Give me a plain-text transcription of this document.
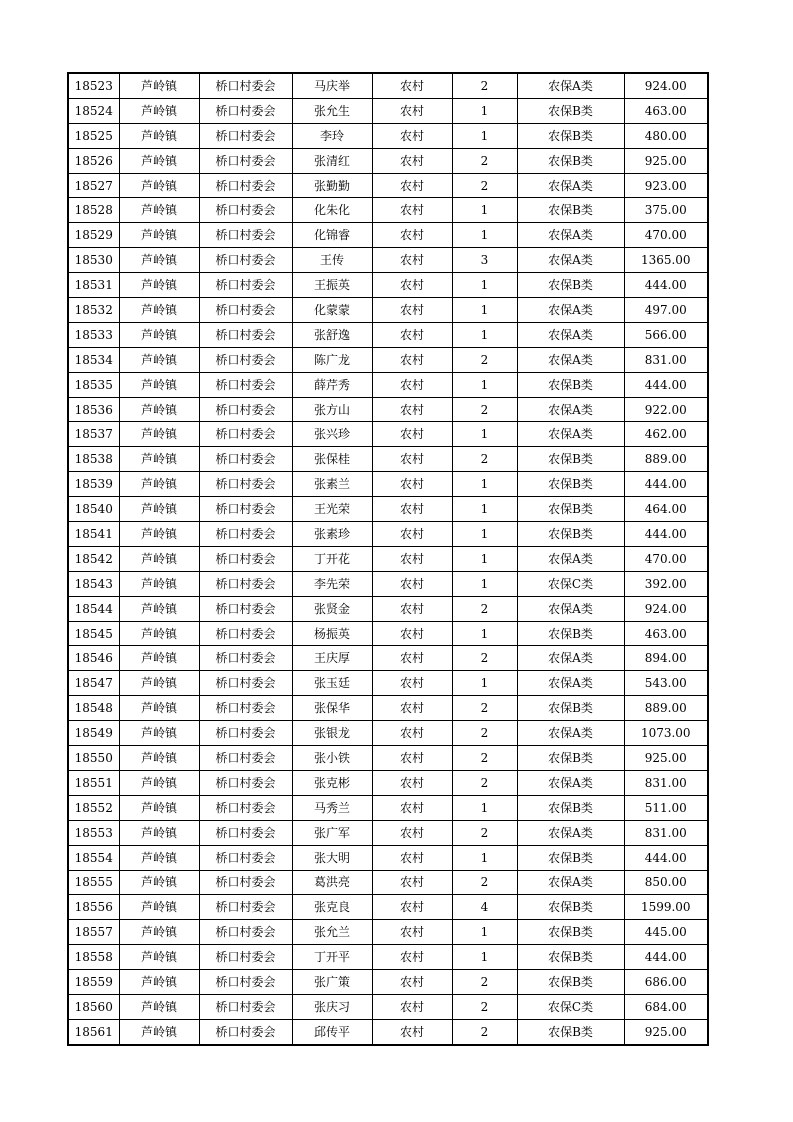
18523	芦岭镇	桥口村委会	马庆举	农村	2	农保A类	924.00
18524	芦岭镇	桥口村委会	张允生	农村	1	农保B类	463.00
18525	芦岭镇	桥口村委会	李玲	农村	1	农保B类	480.00
18526	芦岭镇	桥口村委会	张清红	农村	2	农保B类	925.00
18527	芦岭镇	桥口村委会	张勤勤	农村	2	农保A类	923.00
18528	芦岭镇	桥口村委会	化朱化	农村	1	农保B类	375.00
18529	芦岭镇	桥口村委会	化锦睿	农村	1	农保A类	470.00
18530	芦岭镇	桥口村委会	王传	农村	3	农保A类	1365.00
18531	芦岭镇	桥口村委会	王振英	农村	1	农保B类	444.00
18532	芦岭镇	桥口村委会	化蒙蒙	农村	1	农保A类	497.00
18533	芦岭镇	桥口村委会	张舒逸	农村	1	农保A类	566.00
18534	芦岭镇	桥口村委会	陈广龙	农村	2	农保A类	831.00
18535	芦岭镇	桥口村委会	薛芹秀	农村	1	农保B类	444.00
18536	芦岭镇	桥口村委会	张方山	农村	2	农保A类	922.00
18537	芦岭镇	桥口村委会	张兴珍	农村	1	农保A类	462.00
18538	芦岭镇	桥口村委会	张保桂	农村	2	农保B类	889.00
18539	芦岭镇	桥口村委会	张素兰	农村	1	农保B类	444.00
18540	芦岭镇	桥口村委会	王光荣	农村	1	农保B类	464.00
18541	芦岭镇	桥口村委会	张素珍	农村	1	农保B类	444.00
18542	芦岭镇	桥口村委会	丁开花	农村	1	农保A类	470.00
18543	芦岭镇	桥口村委会	李先荣	农村	1	农保C类	392.00
18544	芦岭镇	桥口村委会	张贤金	农村	2	农保A类	924.00
18545	芦岭镇	桥口村委会	杨振英	农村	1	农保B类	463.00
18546	芦岭镇	桥口村委会	王庆厚	农村	2	农保A类	894.00
18547	芦岭镇	桥口村委会	张玉廷	农村	1	农保A类	543.00
18548	芦岭镇	桥口村委会	张保华	农村	2	农保B类	889.00
18549	芦岭镇	桥口村委会	张银龙	农村	2	农保A类	1073.00
18550	芦岭镇	桥口村委会	张小铁	农村	2	农保B类	925.00
18551	芦岭镇	桥口村委会	张克彬	农村	2	农保A类	831.00
18552	芦岭镇	桥口村委会	马秀兰	农村	1	农保B类	511.00
18553	芦岭镇	桥口村委会	张广军	农村	2	农保A类	831.00
18554	芦岭镇	桥口村委会	张大明	农村	1	农保B类	444.00
18555	芦岭镇	桥口村委会	葛洪亮	农村	2	农保A类	850.00
18556	芦岭镇	桥口村委会	张克良	农村	4	农保B类	1599.00
18557	芦岭镇	桥口村委会	张允兰	农村	1	农保B类	445.00
18558	芦岭镇	桥口村委会	丁开平	农村	1	农保B类	444.00
18559	芦岭镇	桥口村委会	张广策	农村	2	农保B类	686.00
18560	芦岭镇	桥口村委会	张庆习	农村	2	农保C类	684.00
18561	芦岭镇	桥口村委会	邱传平	农村	2	农保B类	925.00
